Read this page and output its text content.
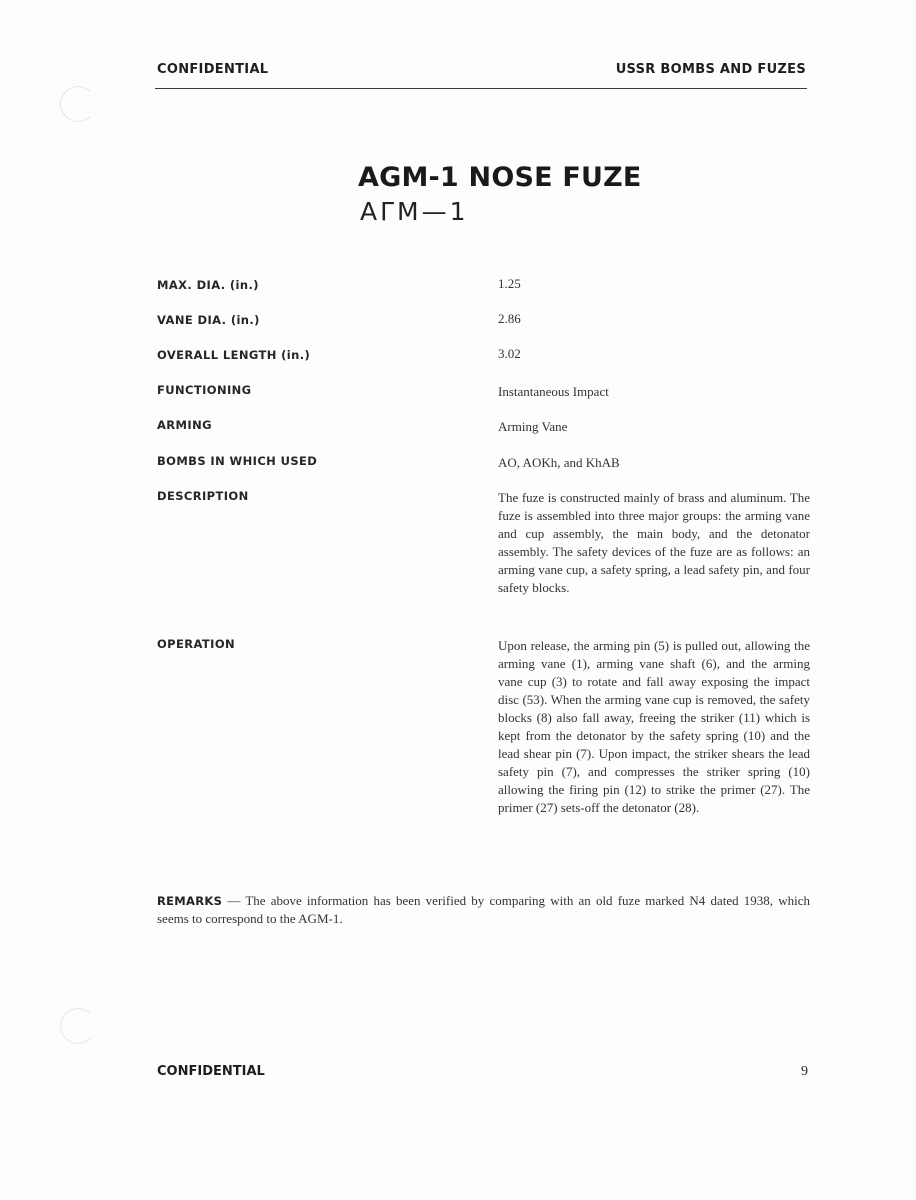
CONFIDENTIAL	USSR BOMBS AND FUZES
AGM-1 NOSE FUZE
AΓM—1
MAX. DIA. (in.)	1.25
VANE DIA. (in.)	2.86
OVERALL LENGTH (in.)	3.02
FUNCTIONING	Instantaneous Impact
ARMING	Arming Vane
BOMBS IN WHICH USED	AO, AOKh, and KhAB
DESCRIPTION	The fuze is constructed mainly of brass and aluminum. The fuze is assembled into three major groups: the arming vane and cup assembly, the main body, and the detonator assembly. The safety devices of the fuze are as follows: an arming vane cup, a safety spring, a lead safety pin, and four safety blocks.
OPERATION	Upon release, the arming pin (5) is pulled out, allowing the arming vane (1), arming vane shaft (6), and the arming vane cup (3) to rotate and fall away exposing the impact disc (53). When the arming vane cup is removed, the safety blocks (8) also fall away, freeing the striker (11) which is kept from the detonator by the safety spring (10) and the lead shear pin (7). Upon impact, the striker shears the lead safety pin (7), and compresses the striker spring (10) allowing the firing pin (12) to strike the primer (27). The primer (27) sets-off the detonator (28).
REMARKS — The above information has been verified by comparing with an old fuze marked N4 dated 1938, which seems to correspond to the AGM-1.
CONFIDENTIAL	9
